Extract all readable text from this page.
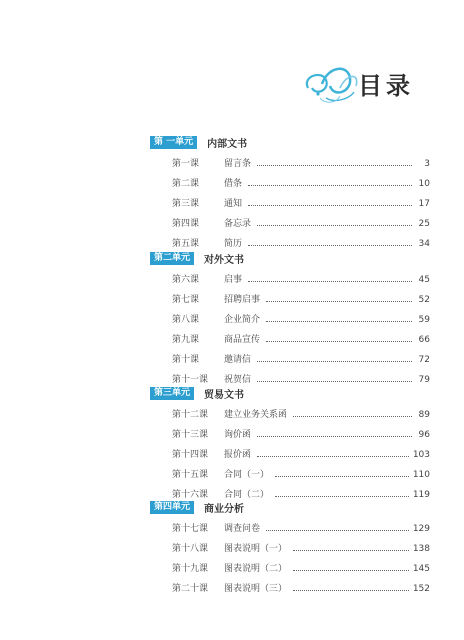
目录
第 一单元	内部文书
第一课	留言条	3
第二课	借条	10
第三课	通知	17
第四课	备忘录	25
第五课	简历	34
第二单元	对外文书
第六课	启事	45
第七课	招聘启事	52
第八课	企业简介	59
第九课	商品宣传	66
第十课	邀请信	72
第十一课	祝贺信	79
第三单元	贸易文书
第十二课	建立业务关系函	89
第十三课	询价函	96
第十四课	报价函	103
第十五课	合同（一）	110
第十六课	合同（二）	119
第四单元	商业分析
第十七课	调查问卷	129
第十八课	图表说明（一）	138
第十九课	图表说明（二）	145
第二十课	图表说明（三）	152
